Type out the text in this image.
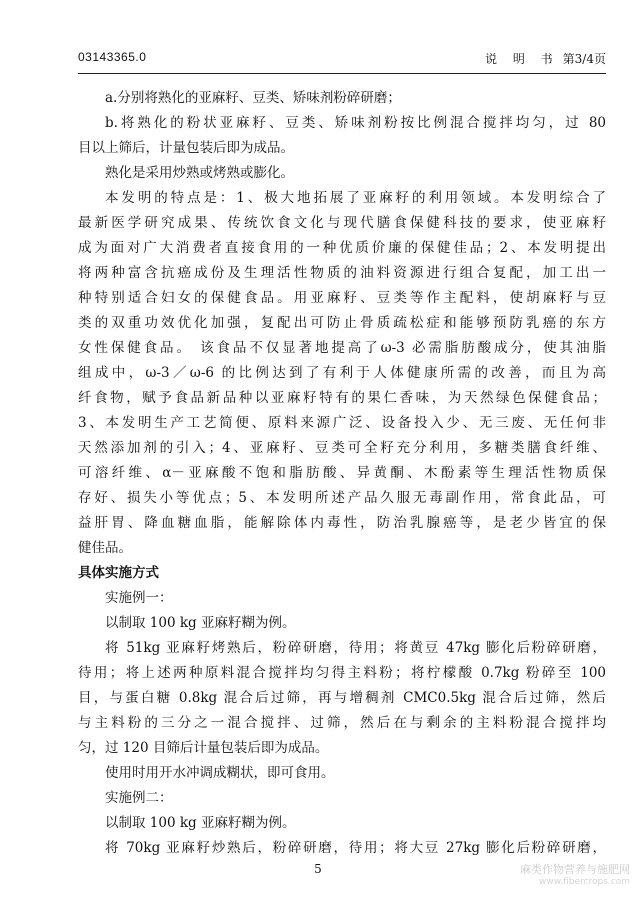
03143365.0	说 明 书 第3/4页
a.分别将熟化的亚麻籽、豆类、矫味剂粉碎研磨；
b.将熟化的粉状亚麻籽、豆类、矫味剂粉按比例混合搅拌均匀，过 80
目以上筛后，计量包装后即为成品。
熟化是采用炒熟或烤熟或膨化。
本发明的特点是：1、极大地拓展了亚麻籽的利用领域。本发明综合了
最新医学研究成果、传统饮食文化与现代膳食保健科技的要求，使亚麻籽
成为面对广大消费者直接食用的一种优质价廉的保健佳品；2、本发明提出
将两种富含抗癌成份及生理活性物质的油料资源进行组合复配，加工出一
种特别适合妇女的保健食品。用亚麻籽、豆类等作主配料，使胡麻籽与豆
类的双重功效优化加强，复配出可防止骨质疏松症和能够预防乳癌的东方
女性保健食品。 该食品不仅显著地提高了ω-3 必需脂肪酸成分，使其油脂
组成中，ω-3／ω-6 的比例达到了有利于人体健康所需的改善，而且为高
纤食物，赋予食品新品种以亚麻籽特有的果仁香味，为天然绿色保健食品；
3、本发明生产工艺简便、原料来源广泛、设备投入少、无三废、无任何非
天然添加剂的引入；4、亚麻籽、豆类可全籽充分利用，多糖类膳食纤维、
可溶纤维、α－亚麻酸不饱和脂肪酸、异黄酮、木酚素等生理活性物质保
存好、损失小等优点；5、本发明所述产品久服无毒副作用，常食此品，可
益肝胃、降血糖血脂，能解除体内毒性，防治乳腺癌等，是老少皆宜的保
健佳品。
具体实施方式
实施例一：
以制取 100 kg 亚麻籽糊为例。
将 51kg 亚麻籽烤熟后，粉碎研磨，待用；将黄豆 47kg 膨化后粉碎研磨，
待用；将上述两种原料混合搅拌均匀得主料粉；将柠檬酸 0.7kg 粉碎至 100
目，与蛋白糖 0.8kg 混合后过筛，再与增稠剂 CMC0.5kg 混合后过筛，然后
与主料粉的三分之一混合搅拌、过筛，然后在与剩余的主料粉混合搅拌均
匀，过 120 目筛后计量包装后即为成品。
使用时用开水冲调成糊状，即可食用。
实施例二：
以制取 100 kg 亚麻籽糊为例。
将 70kg 亚麻籽炒熟后，粉碎研磨，待用；将大豆 27kg 膨化后粉碎研磨，
5	麻类作物营养与施肥网
www.fibercrops.com
